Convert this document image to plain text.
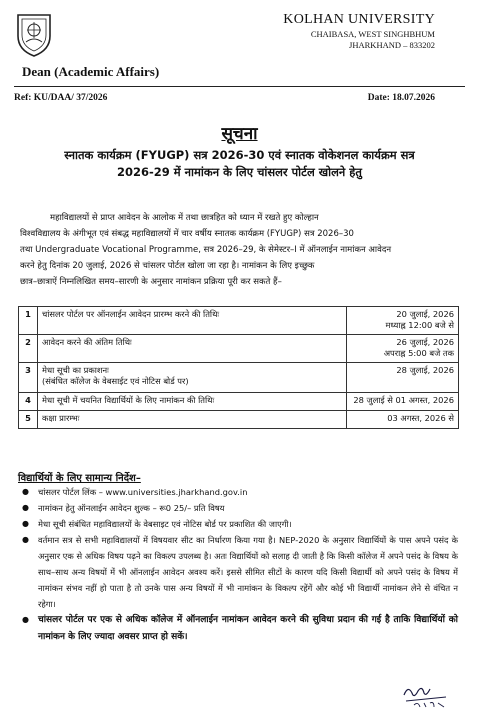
KOLHAN UNIVERSITY
CHAIBASA, WEST SINGHBHUM
JHARKHAND – 833202
Dean (Academic Affairs)
Ref: KU/DAA/ 37/2026	Date: 18.07.2026
सूचना
स्नातक कार्यक्रम (FYUGP) सत्र 2026-30 एवं स्नातक वोकेशनल कार्यक्रम सत्र
2026-29 में नामांकन के लिए चांसलर पोर्टल खोलने हेतु
महाविद्यालयों से प्राप्त आवेदन के आलोक में तथा छात्रहित को ध्यान में रखते हुए कोल्हान
विश्वविद्यालय के अंगीभूत एवं संबद्ध महाविद्यालयों में चार वर्षीय स्नातक कार्यक्रम (FYUGP) सत्र 2026–30
तथा Undergraduate Vocational Programme, सत्र 2026–29, के सेमेस्टर–I में ऑनलाईन नामांकन आवेदन
करने हेतु दिनांक 20 जुलाई, 2026 से चांसलर पोर्टल खोला जा रहा है। नामांकन के लिए इच्छुक
छात्र–छात्राऐं निम्नलिखित समय–सारणी के अनुसार नामांकन प्रक्रिया पूरी कर सकते हैं–
1	चांसलर पोर्टल पर ऑनलाईन आवेदन प्रारम्भ करने की तिथिः	20 जुलाई, 2026
मध्याह्न 12:00 बजे से

2	आवेदन करने की अंतिम तिथिः	26 जुलाई, 2026
अपराह्न 5:00 बजे तक

3	मेधा सूची का प्रकाशनः
(संबंधित कॉलेज के वेबसाईट एवं नोटिस बोर्ड पर)	28 जुलाई, 2026
4	मेधा सूची में चयनित विद्यार्थियों के लिए नामांकन की तिथिः	28 जुलाई से 01 अगस्त, 2026
5	कक्षा प्रारम्भः	03 अगस्त, 2026 से
विद्यार्थियों के लिए सामान्य निर्देश–
● चांसलर पोर्टल लिंक – www.universities.jharkhand.gov.in
● नामांकन हेतु ऑनलाईन आवेदन शुल्क – रू0 25/– प्रति विषय
● मेधा सूची संबंधित महाविद्यालयों के वेबसाइट एवं नोटिस बोर्ड पर प्रकाशित की जाएगी।
● वर्तमान सत्र से सभी महाविद्यालयों में विषयवार सीट का निर्धारण किया गया है। NEP-2020 के अनुसार विद्यार्थियों के पास अपने पसंद के अनुसार एक से अधिक विषय पढ़ने का विकल्प उपलब्ध है। अतः विद्यार्थियों को सलाह दी जाती है कि किसी कॉलेज में अपने पसंद के विषय के साथ–साथ अन्य विषयों में भी ऑनलाईन आवेदन अवश्य करें। इससे सीमित सीटों के कारण यदि किसी विद्यार्थी को अपने पसंद के विषय में नामांकन संभव नहीं हो पाता है तो उनके पास अन्य विषयों में भी नामांकन के विकल्प रहेंगें और कोई भी विद्यार्थी नामांकन लेने से वंचित न रहेगा।
● चांसलर पोर्टल पर एक से अधिक कॉलेज में ऑनलाईन नामांकन आवेदन करने की सुविधा प्रदान की गई है ताकि विद्यार्थियों को नामांकन के लिए ज्यादा अवसर प्राप्त हो सकें।
